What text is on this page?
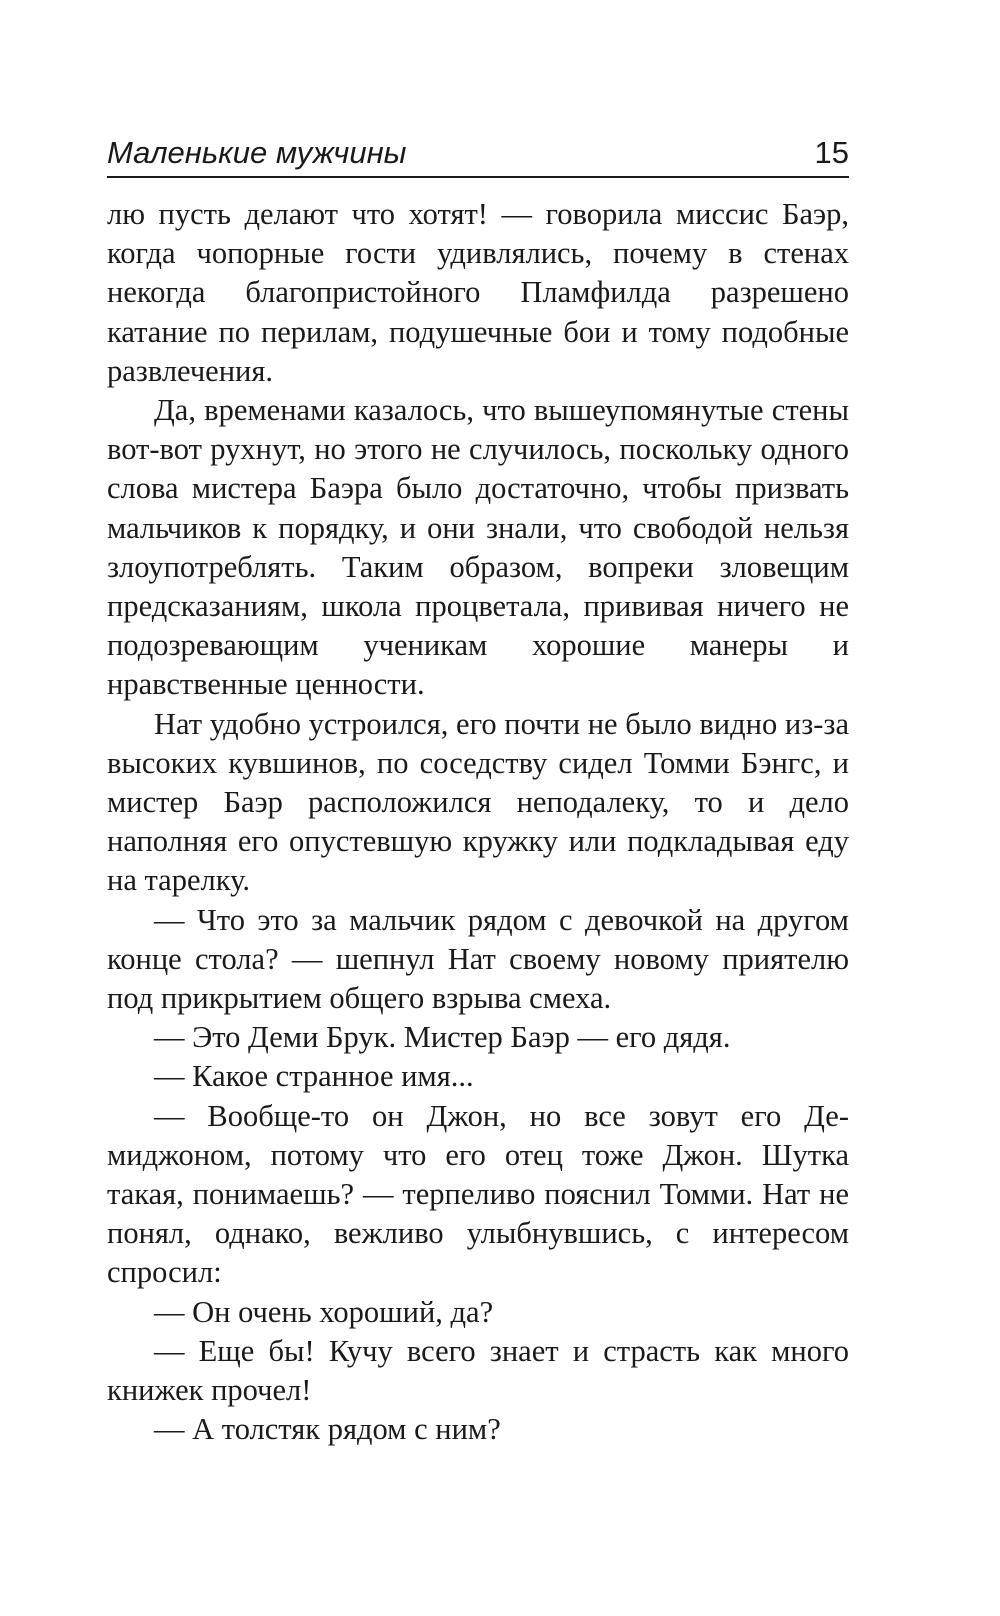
Маленькие мужчины	15

лю пусть делают что хотят! — говорила миссис Баэр, когда чопорные гости удивлялись, почему в стенах некогда благопристойного Пламфилда разрешено катание по перилам, подушечные бои и тому подобные развлечения.

Да, временами казалось, что вышеупомянутые стены вот-вот рухнут, но этого не случилось, поскольку одного слова мистера Баэра было достаточно, чтобы призвать мальчиков к порядку, и они знали, что свободой нельзя злоупотреблять. Таким образом, вопреки зловещим предсказаниям, школа процветала, прививая ничего не подозревающим ученикам хорошие манеры и нравственные ценности.

Нат удобно устроился, его почти не было видно из-за высоких кувшинов, по соседству сидел Томми Бэнгс, и мистер Баэр расположился неподалеку, то и дело наполняя его опустевшую кружку или подкладывая еду на тарелку.

— Что это за мальчик рядом с девочкой на другом конце стола? — шепнул Нат своему новому приятелю под прикрытием общего взрыва смеха.

— Это Деми Брук. Мистер Баэр — его дядя.

— Какое странное имя...

— Вообще-то он Джон, но все зовут его Демиджоном, потому что его отец тоже Джон. Шутка такая, понимаешь? — терпеливо пояснил Томми. Нат не понял, однако, вежливо улыбнувшись, с интересом спросил:

— Он очень хороший, да?

— Еще бы! Кучу всего знает и страсть как много книжек прочел!

— А толстяк рядом с ним?
